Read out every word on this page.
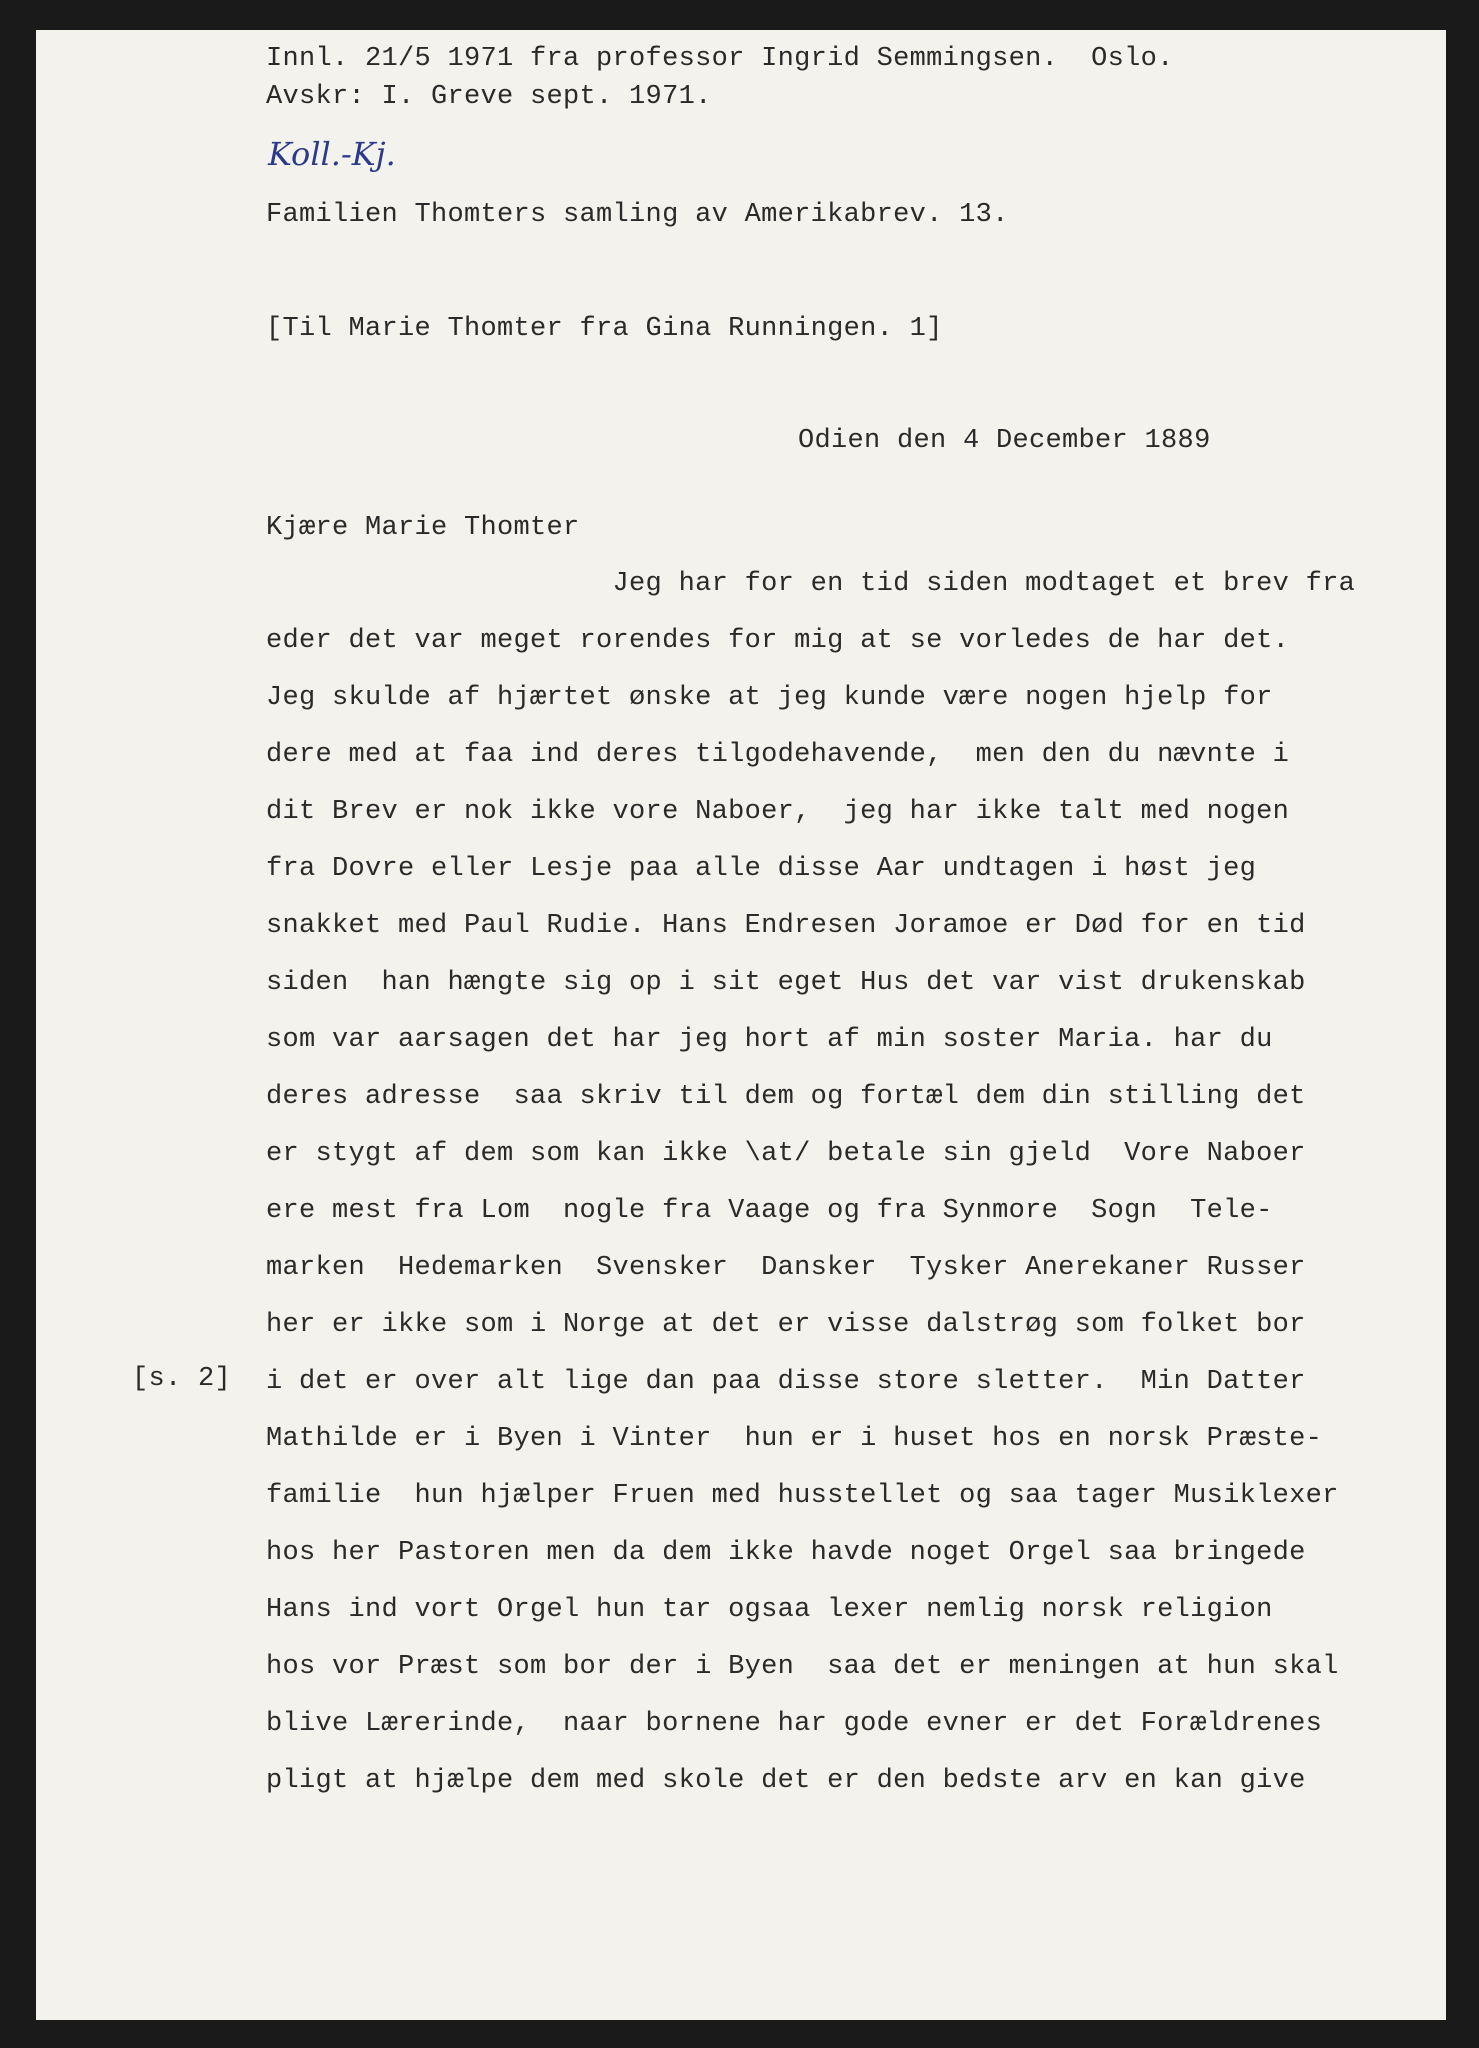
Innl. 21/5 1971 fra professor Ingrid Semmingsen.  Oslo.
Avskr: I. Greve sept. 1971.
Koll.-Kj.
Familien Thomters samling av Amerikabrev. 13.
[Til Marie Thomter fra Gina Runningen. 1]
Odien den 4 December 1889
Kjære Marie Thomter
[s. 2]
Jeg har for en tid siden modtaget et brev fra
eder det var meget rorendes for mig at se vorledes de har det.
Jeg skulde af hjærtet ønske at jeg kunde være nogen hjelp for
dere med at faa ind deres tilgodehavende,  men den du nævnte i
dit Brev er nok ikke vore Naboer,  jeg har ikke talt med nogen
fra Dovre eller Lesje paa alle disse Aar undtagen i høst jeg
snakket med Paul Rudie. Hans Endresen Joramoe er Død for en tid
siden  han hængte sig op i sit eget Hus det var vist drukenskab
som var aarsagen det har jeg hort af min soster Maria. har du
deres adresse  saa skriv til dem og fortæl dem din stilling det
er stygt af dem som kan ikke \at/ betale sin gjeld  Vore Naboer
ere mest fra Lom  nogle fra Vaage og fra Synmore  Sogn  Tele-
marken  Hedemarken  Svensker  Dansker  Tysker Anerekaner Russer
her er ikke som i Norge at det er visse dalstrøg som folket bor
i det er over alt lige dan paa disse store sletter.  Min Datter
Mathilde er i Byen i Vinter  hun er i huset hos en norsk Præste-
familie  hun hjælper Fruen med husstellet og saa tager Musiklexer
hos her Pastoren men da dem ikke havde noget Orgel saa bringede
Hans ind vort Orgel hun tar ogsaa lexer nemlig norsk religion
hos vor Præst som bor der i Byen  saa det er meningen at hun skal
blive Lærerinde,  naar bornene har gode evner er det Forældrenes
pligt at hjælpe dem med skole det er den bedste arv en kan give
